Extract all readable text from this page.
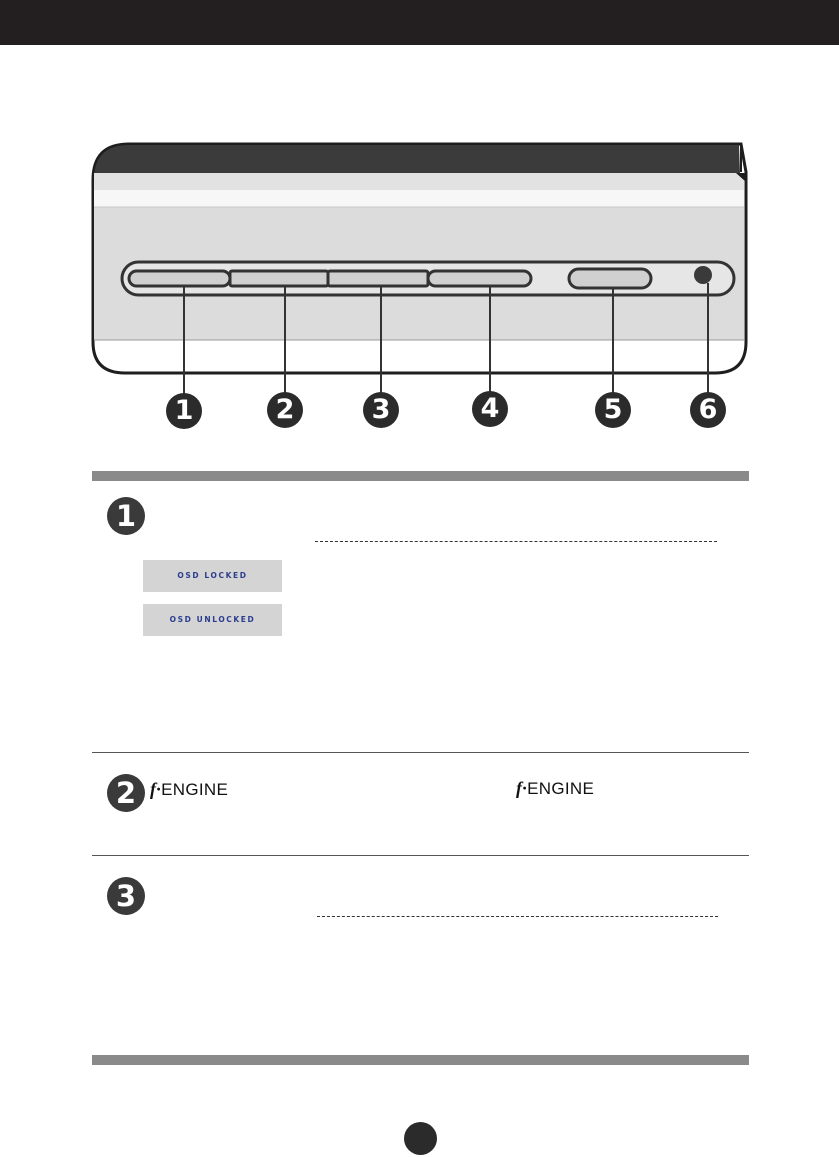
1	2	3	4	5	6
1
OSD LOCKED
OSD UNLOCKED
2 f·ENGINE	f·ENGINE
3
